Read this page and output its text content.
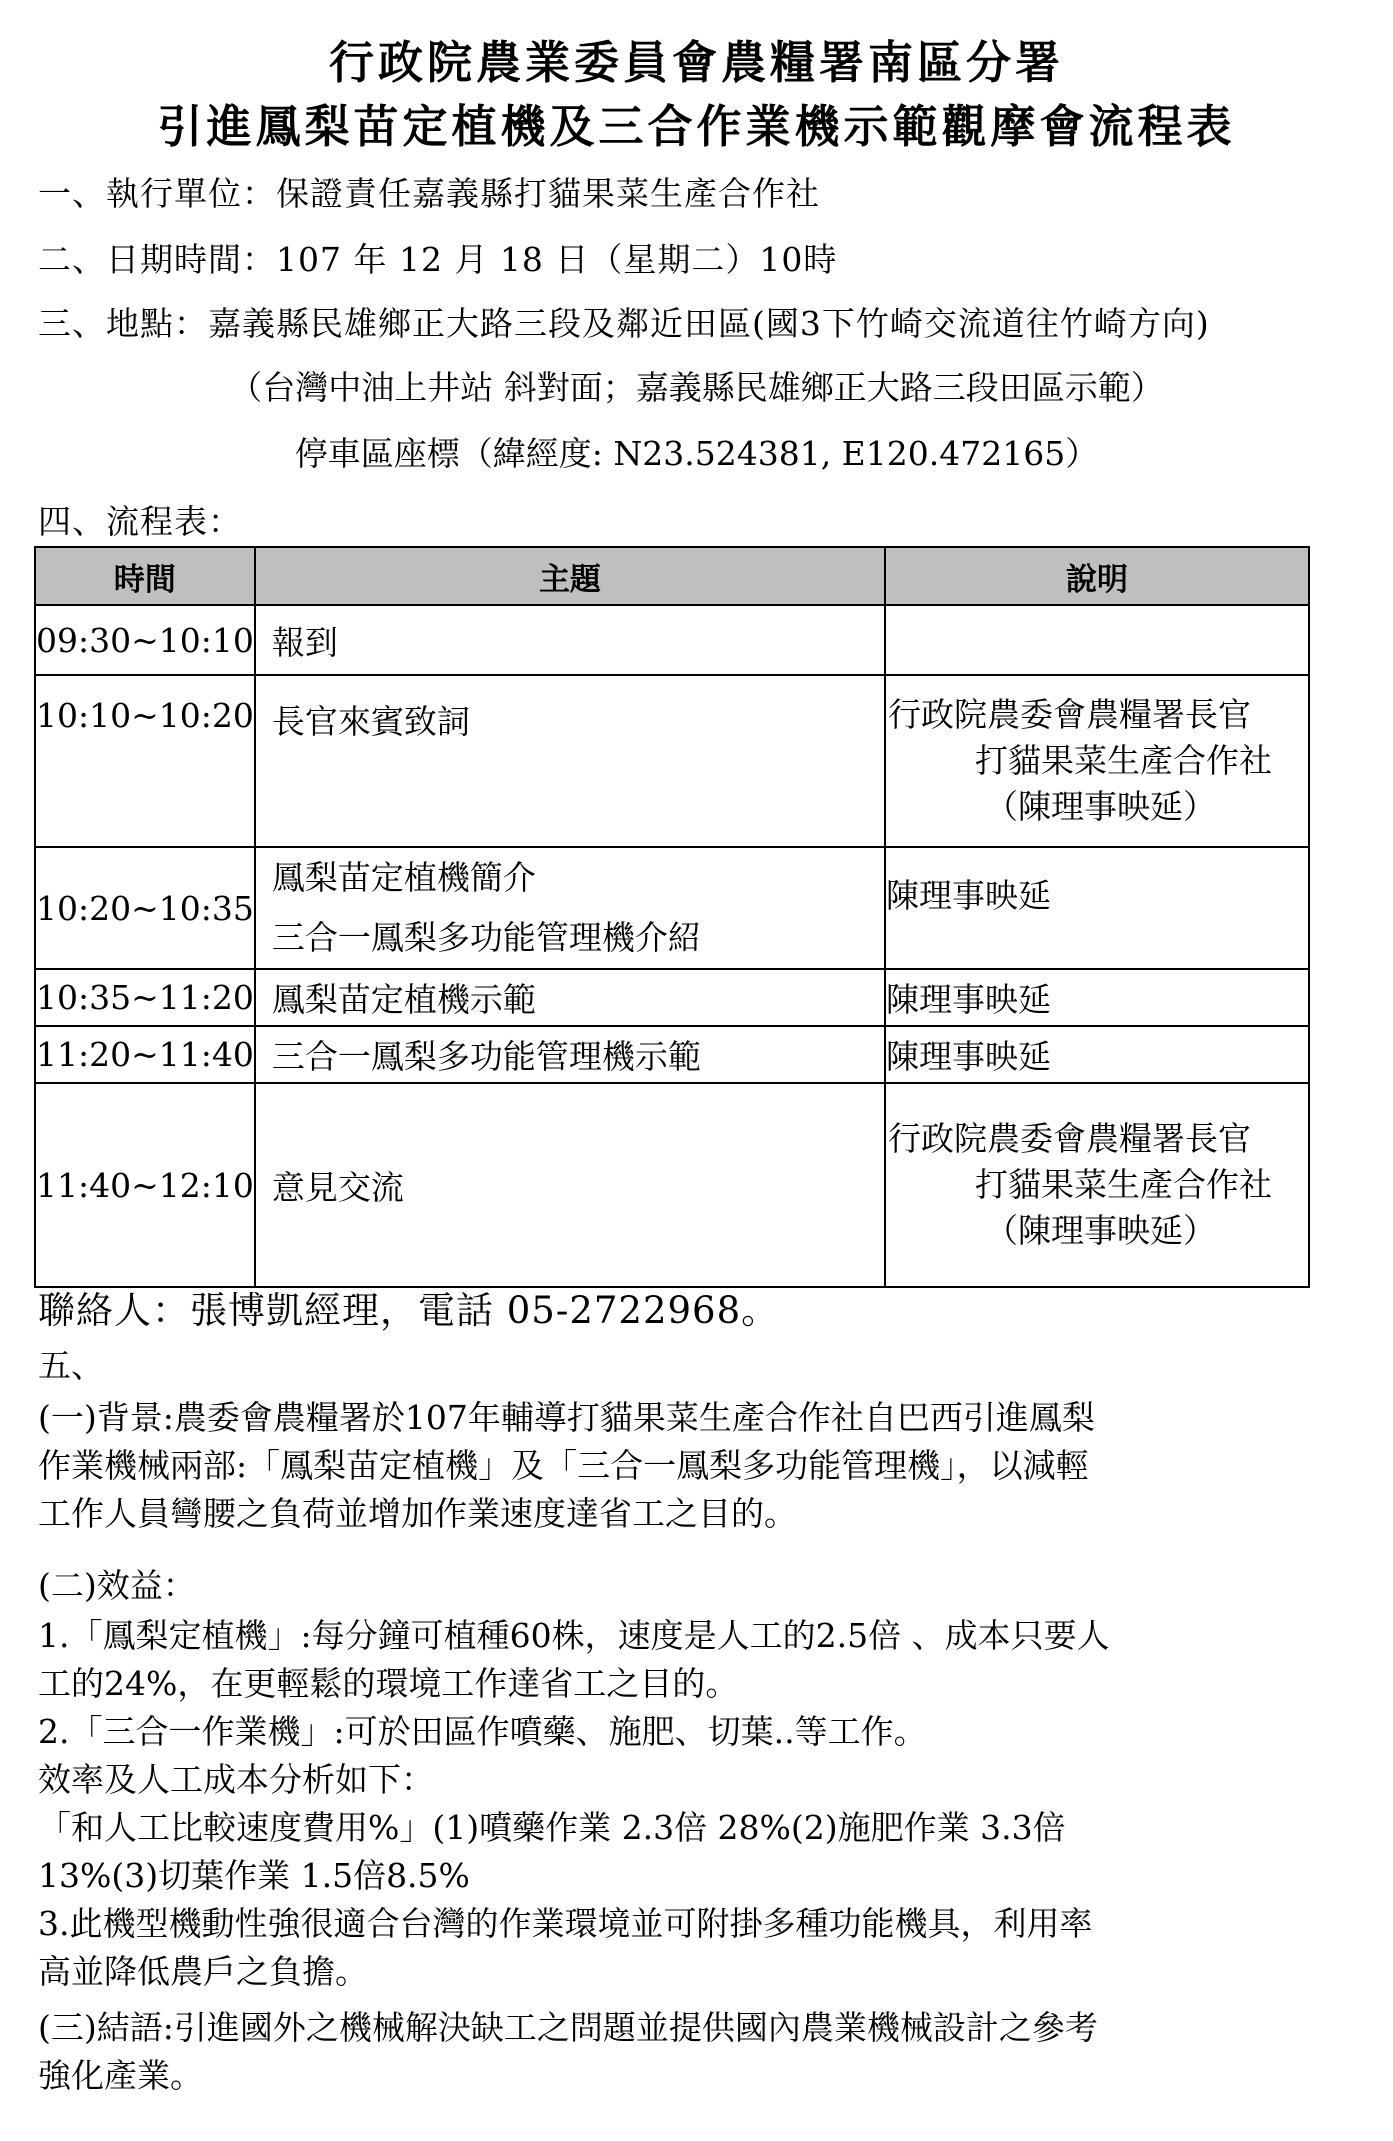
行政院農業委員會農糧署南區分署
引進鳳梨苗定植機及三合作業機示範觀摩會流程表
一、執行單位：保證責任嘉義縣打貓果菜生產合作社
二、日期時間：107 年 12 月 18 日（星期二）10時
三、地點：嘉義縣民雄鄉正大路三段及鄰近田區(國3下竹崎交流道往竹崎方向)
（台灣中油上井站 斜對面；嘉義縣民雄鄉正大路三段田區示範）
停車區座標（緯經度: N23.524381, E120.472165）
四、流程表：
時間	主題	說明
09:30~10:10	報到	
10:10~10:20	長官來賓致詞	行政院農委會農糧署長官
打貓果菜生產合作社
（陳理事映延）

10:20~10:35	鳳梨苗定植機簡介
三合一鳳梨多功能管理機介紹	陳理事映延
10:35~11:20	鳳梨苗定植機示範	陳理事映延
11:20~11:40	三合一鳳梨多功能管理機示範	陳理事映延
11:40~12:10	意見交流	行政院農委會農糧署長官
打貓果菜生產合作社
（陳理事映延）
聯絡人：張博凱經理，電話 05-2722968。
五、
(一)背景:農委會農糧署於107年輔導打貓果菜生產合作社自巴西引進鳳梨
作業機械兩部:「鳳梨苗定植機」及「三合一鳳梨多功能管理機」，以減輕
工作人員彎腰之負荷並增加作業速度達省工之目的。
(二)效益：
1.「鳳梨定植機」:每分鐘可植種60株，速度是人工的2.5倍 、成本只要人
工的24%，在更輕鬆的環境工作達省工之目的。
2.「三合一作業機」:可於田區作噴藥、施肥、切葉..等工作。
效率及人工成本分析如下：
「和人工比較速度費用%」(1)噴藥作業 2.3倍 28%(2)施肥作業 3.3倍
13%(3)切葉作業 1.5倍8.5%
3.此機型機動性強很適合台灣的作業環境並可附掛多種功能機具，利用率
高並降低農戶之負擔。
(三)結語:引進國外之機械解決缺工之問題並提供國內農業機械設計之參考
強化產業。
